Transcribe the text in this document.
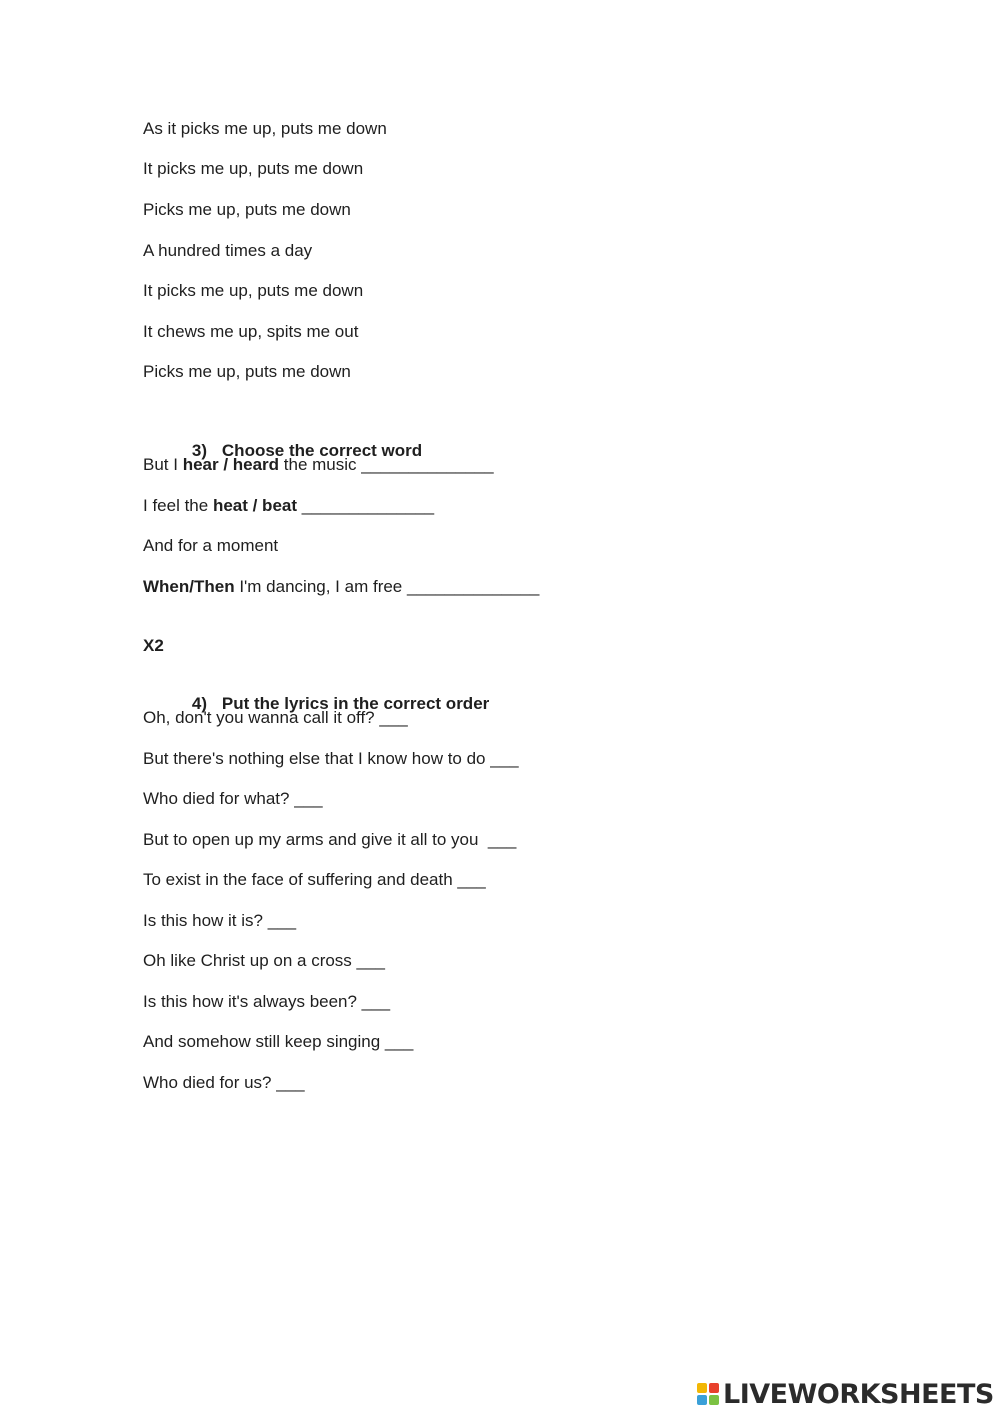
As it picks me up, puts me down
It picks me up, puts me down
Picks me up, puts me down
A hundred times a day
It picks me up, puts me down
It chews me up, spits me out
Picks me up, puts me down

3) Choose the correct word

But I hear / heard the music ______________
I feel the heat / beat ______________
And for a moment
When/Then I'm dancing, I am free ______________
X2

4) Put the lyrics in the correct order

Oh, don't you wanna call it off? ___
But there's nothing else that I know how to do ___
Who died for what? ___
But to open up my arms and give it all to you  ___
To exist in the face of suffering and death ___
Is this how it is? ___
Oh like Christ up on a cross ___
Is this how it's always been? ___
And somehow still keep singing ___
Who died for us? ___
LIVEWORKSHEETS
